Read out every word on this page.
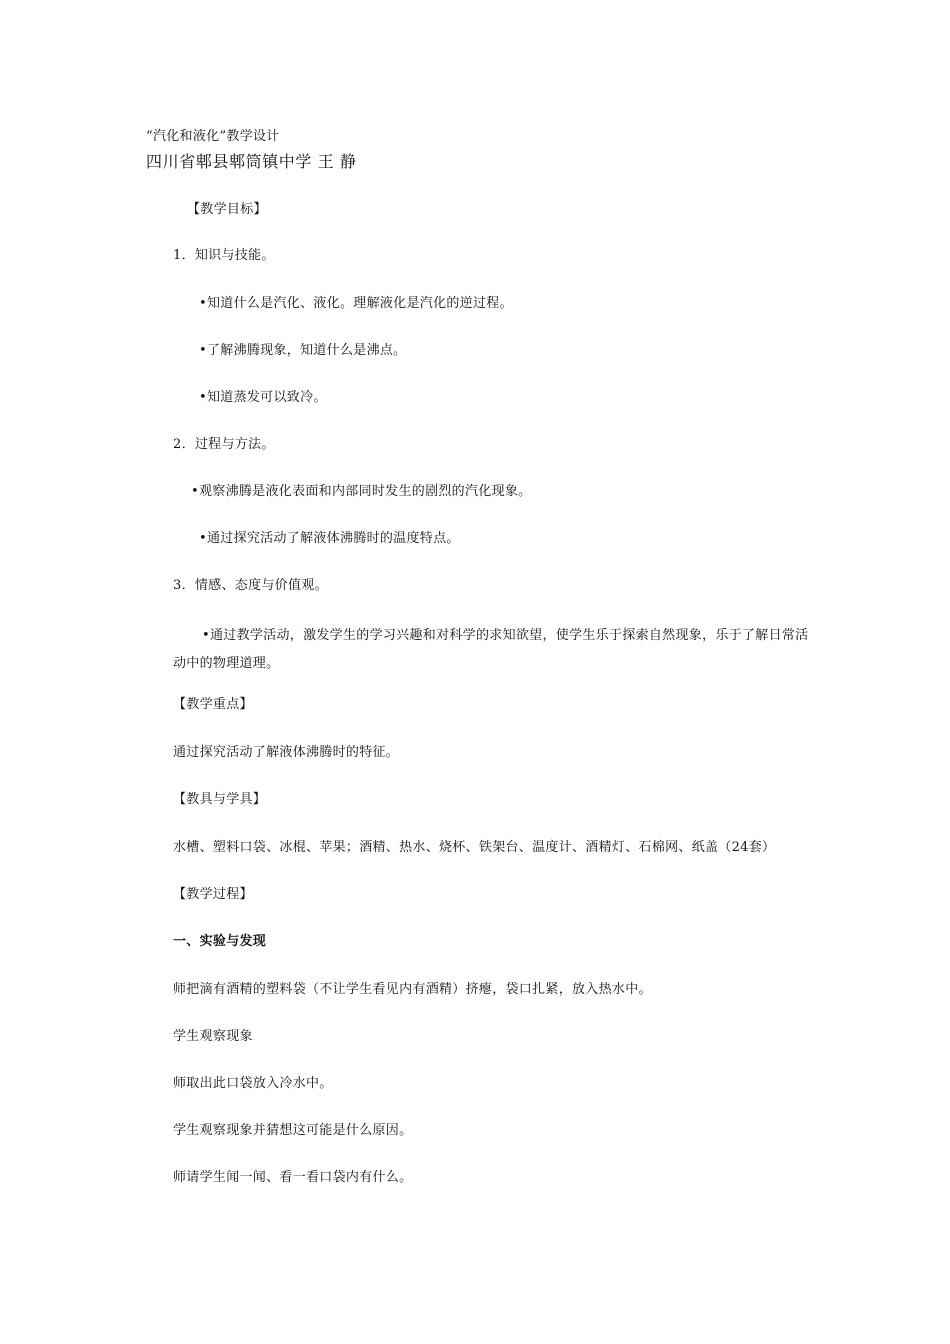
“汽化和液化”教学设计
四川省郫县郫筒镇中学 王 静
【教学目标】
1．知识与技能。
•知道什么是汽化、液化。理解液化是汽化的逆过程。
•了解沸腾现象，知道什么是沸点。
•知道蒸发可以致冷。
2．过程与方法。
•观察沸腾是液化表面和内部同时发生的剧烈的汽化现象。
•通过探究活动了解液体沸腾时的温度特点。
3．情感、态度与价值观。
•通过教学活动，激发学生的学习兴趣和对科学的求知欲望，使学生乐于探索自然现象，乐于了解日常活动中的物理道理。
【教学重点】
通过探究活动了解液体沸腾时的特征。
【教具与学具】
水槽、塑料口袋、冰棍、苹果；酒精、热水、烧杯、铁架台、温度计、酒精灯、石棉网、纸盖（24套）
【教学过程】
一、实验与发现
师把滴有酒精的塑料袋（不让学生看见内有酒精）挤瘪，袋口扎紧，放入热水中。
学生观察现象
师取出此口袋放入冷水中。
学生观察现象并猜想这可能是什么原因。
师请学生闻一闻、看一看口袋内有什么。
